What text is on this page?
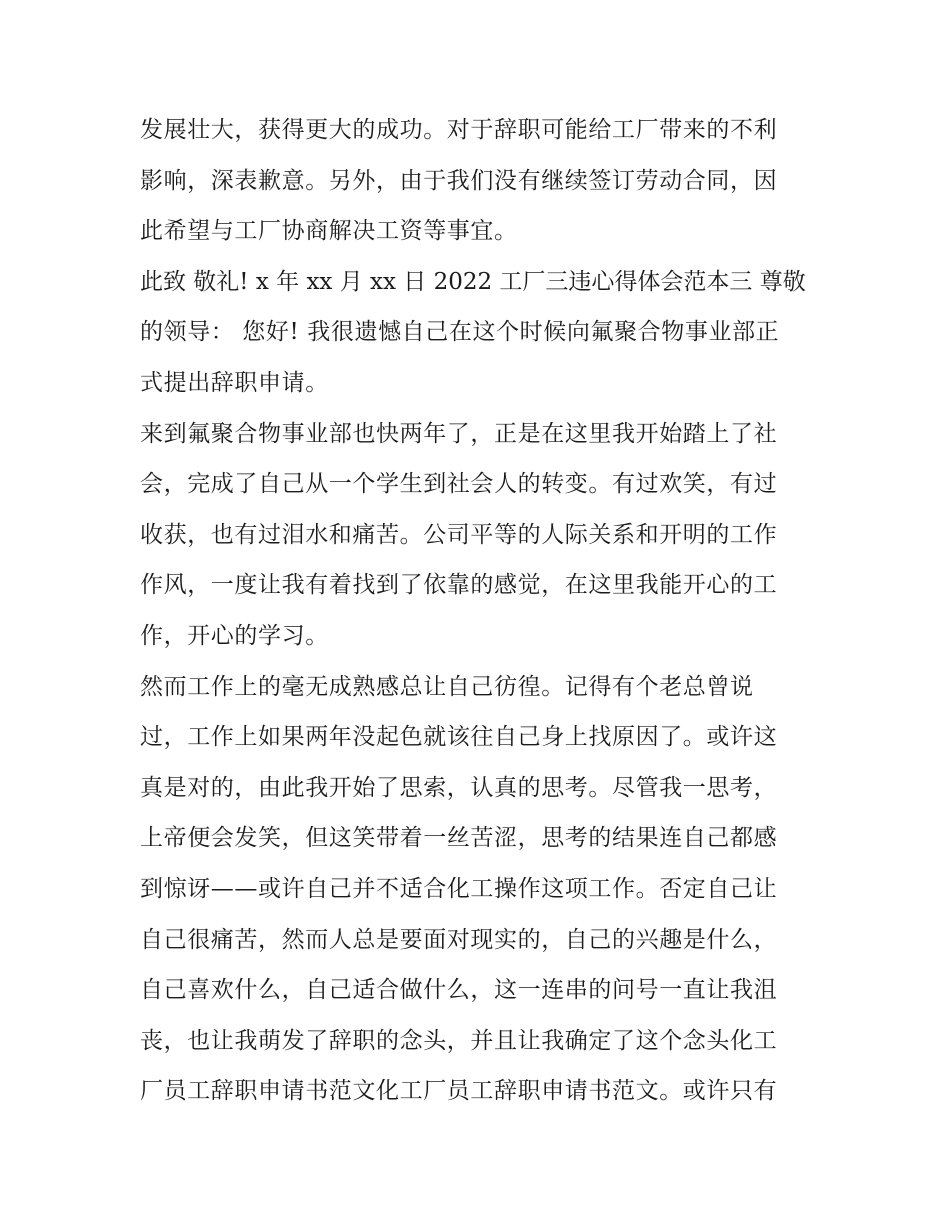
发展壮大，获得更大的成功。对于辞职可能给工厂带来的不利
影响，深表歉意。另外，由于我们没有继续签订劳动合同，因
此希望与工厂协商解决工资等事宜。
此致 敬礼! x 年 xx 月 xx 日 2022 工厂三违心得体会范本三 尊敬
的领导： 您好! 我很遗憾自己在这个时候向氟聚合物事业部正
式提出辞职申请。
来到氟聚合物事业部也快两年了，正是在这里我开始踏上了社
会，完成了自己从一个学生到社会人的转变。有过欢笑，有过
收获，也有过泪水和痛苦。公司平等的人际关系和开明的工作
作风，一度让我有着找到了依靠的感觉，在这里我能开心的工
作，开心的学习。
然而工作上的毫无成熟感总让自己彷徨。记得有个老总曾说
过，工作上如果两年没起色就该往自己身上找原因了。或许这
真是对的，由此我开始了思索，认真的思考。尽管我一思考，
上帝便会发笑，但这笑带着一丝苦涩，思考的结果连自己都感
到惊讶——或许自己并不适合化工操作这项工作。否定自己让
自己很痛苦，然而人总是要面对现实的，自己的兴趣是什么，
自己喜欢什么，自己适合做什么，这一连串的问号一直让我沮
丧，也让我萌发了辞职的念头，并且让我确定了这个念头化工
厂员工辞职申请书范文化工厂员工辞职申请书范文。或许只有
